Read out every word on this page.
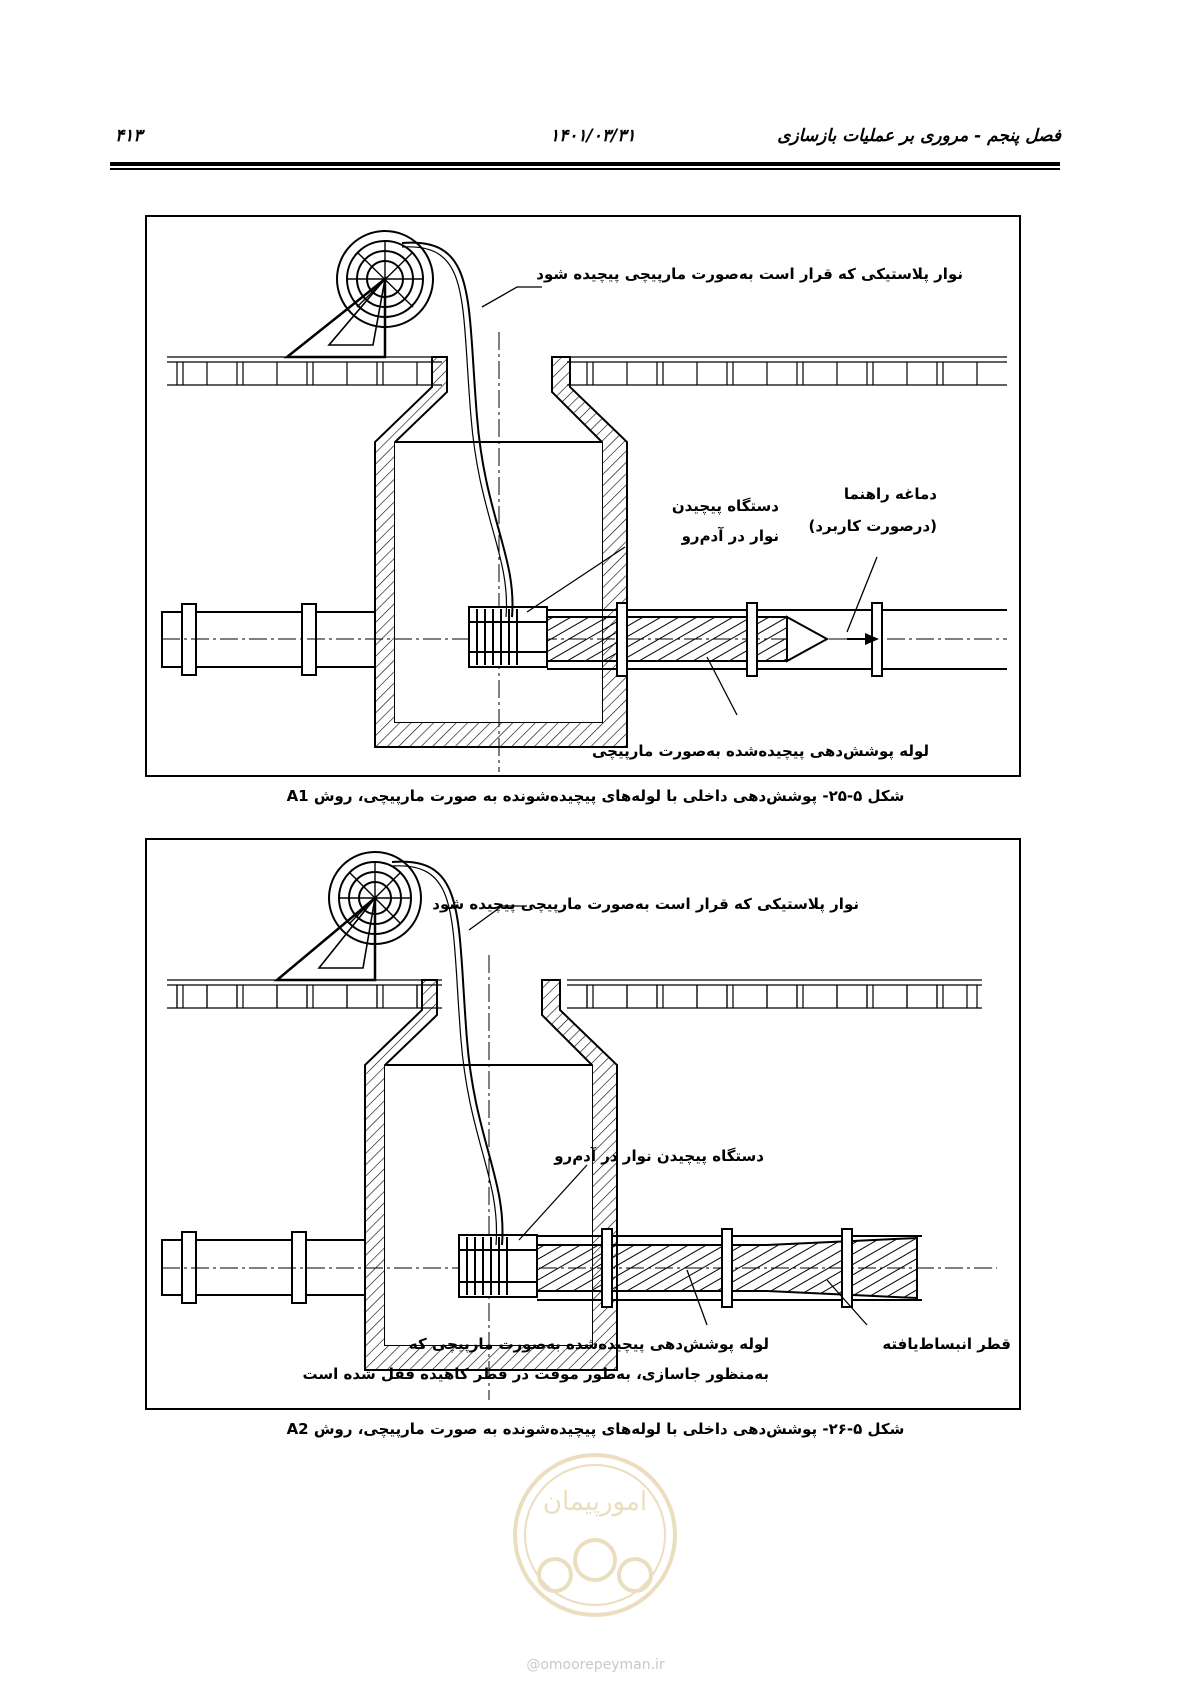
فصل پنجم - مروری بر عملیات بازسازی
۱۴۰۱/۰۳/۳۱
۴۱۳
نوار پلاستیکی که قرار است به‌صورت مارپیچی پیچیده شود
دستگاه پیچیدن
نوار در آدم‌رو
دماغه راهنما
(درصورت کاربرد)
لوله پوشش‌دهی پیچیده‌شده به‌صورت مارپیچی
شکل ۵-۲۵- پوشش‌دهی داخلی با لوله‌های پیچیده‌شونده به صورت مارپیچی، روش A1
نوار پلاستیکی که قرار است به‌صورت مارپیچی پیچیده شود
دستگاه پیچیدن نوار در آدم‌رو
لوله پوشش‌دهی پیچیده‌شده به‌صورت مارپیچی که
به‌منظور جاسازی، به‌طور موقت در قطر کاهیده قفل شده است
قطر انبساط‌یافته
شکل ۵-۲۶- پوشش‌دهی داخلی با لوله‌های پیچیده‌شونده به صورت مارپیچی، روش A2
امورپیمان
@omoorepeyman.ir
